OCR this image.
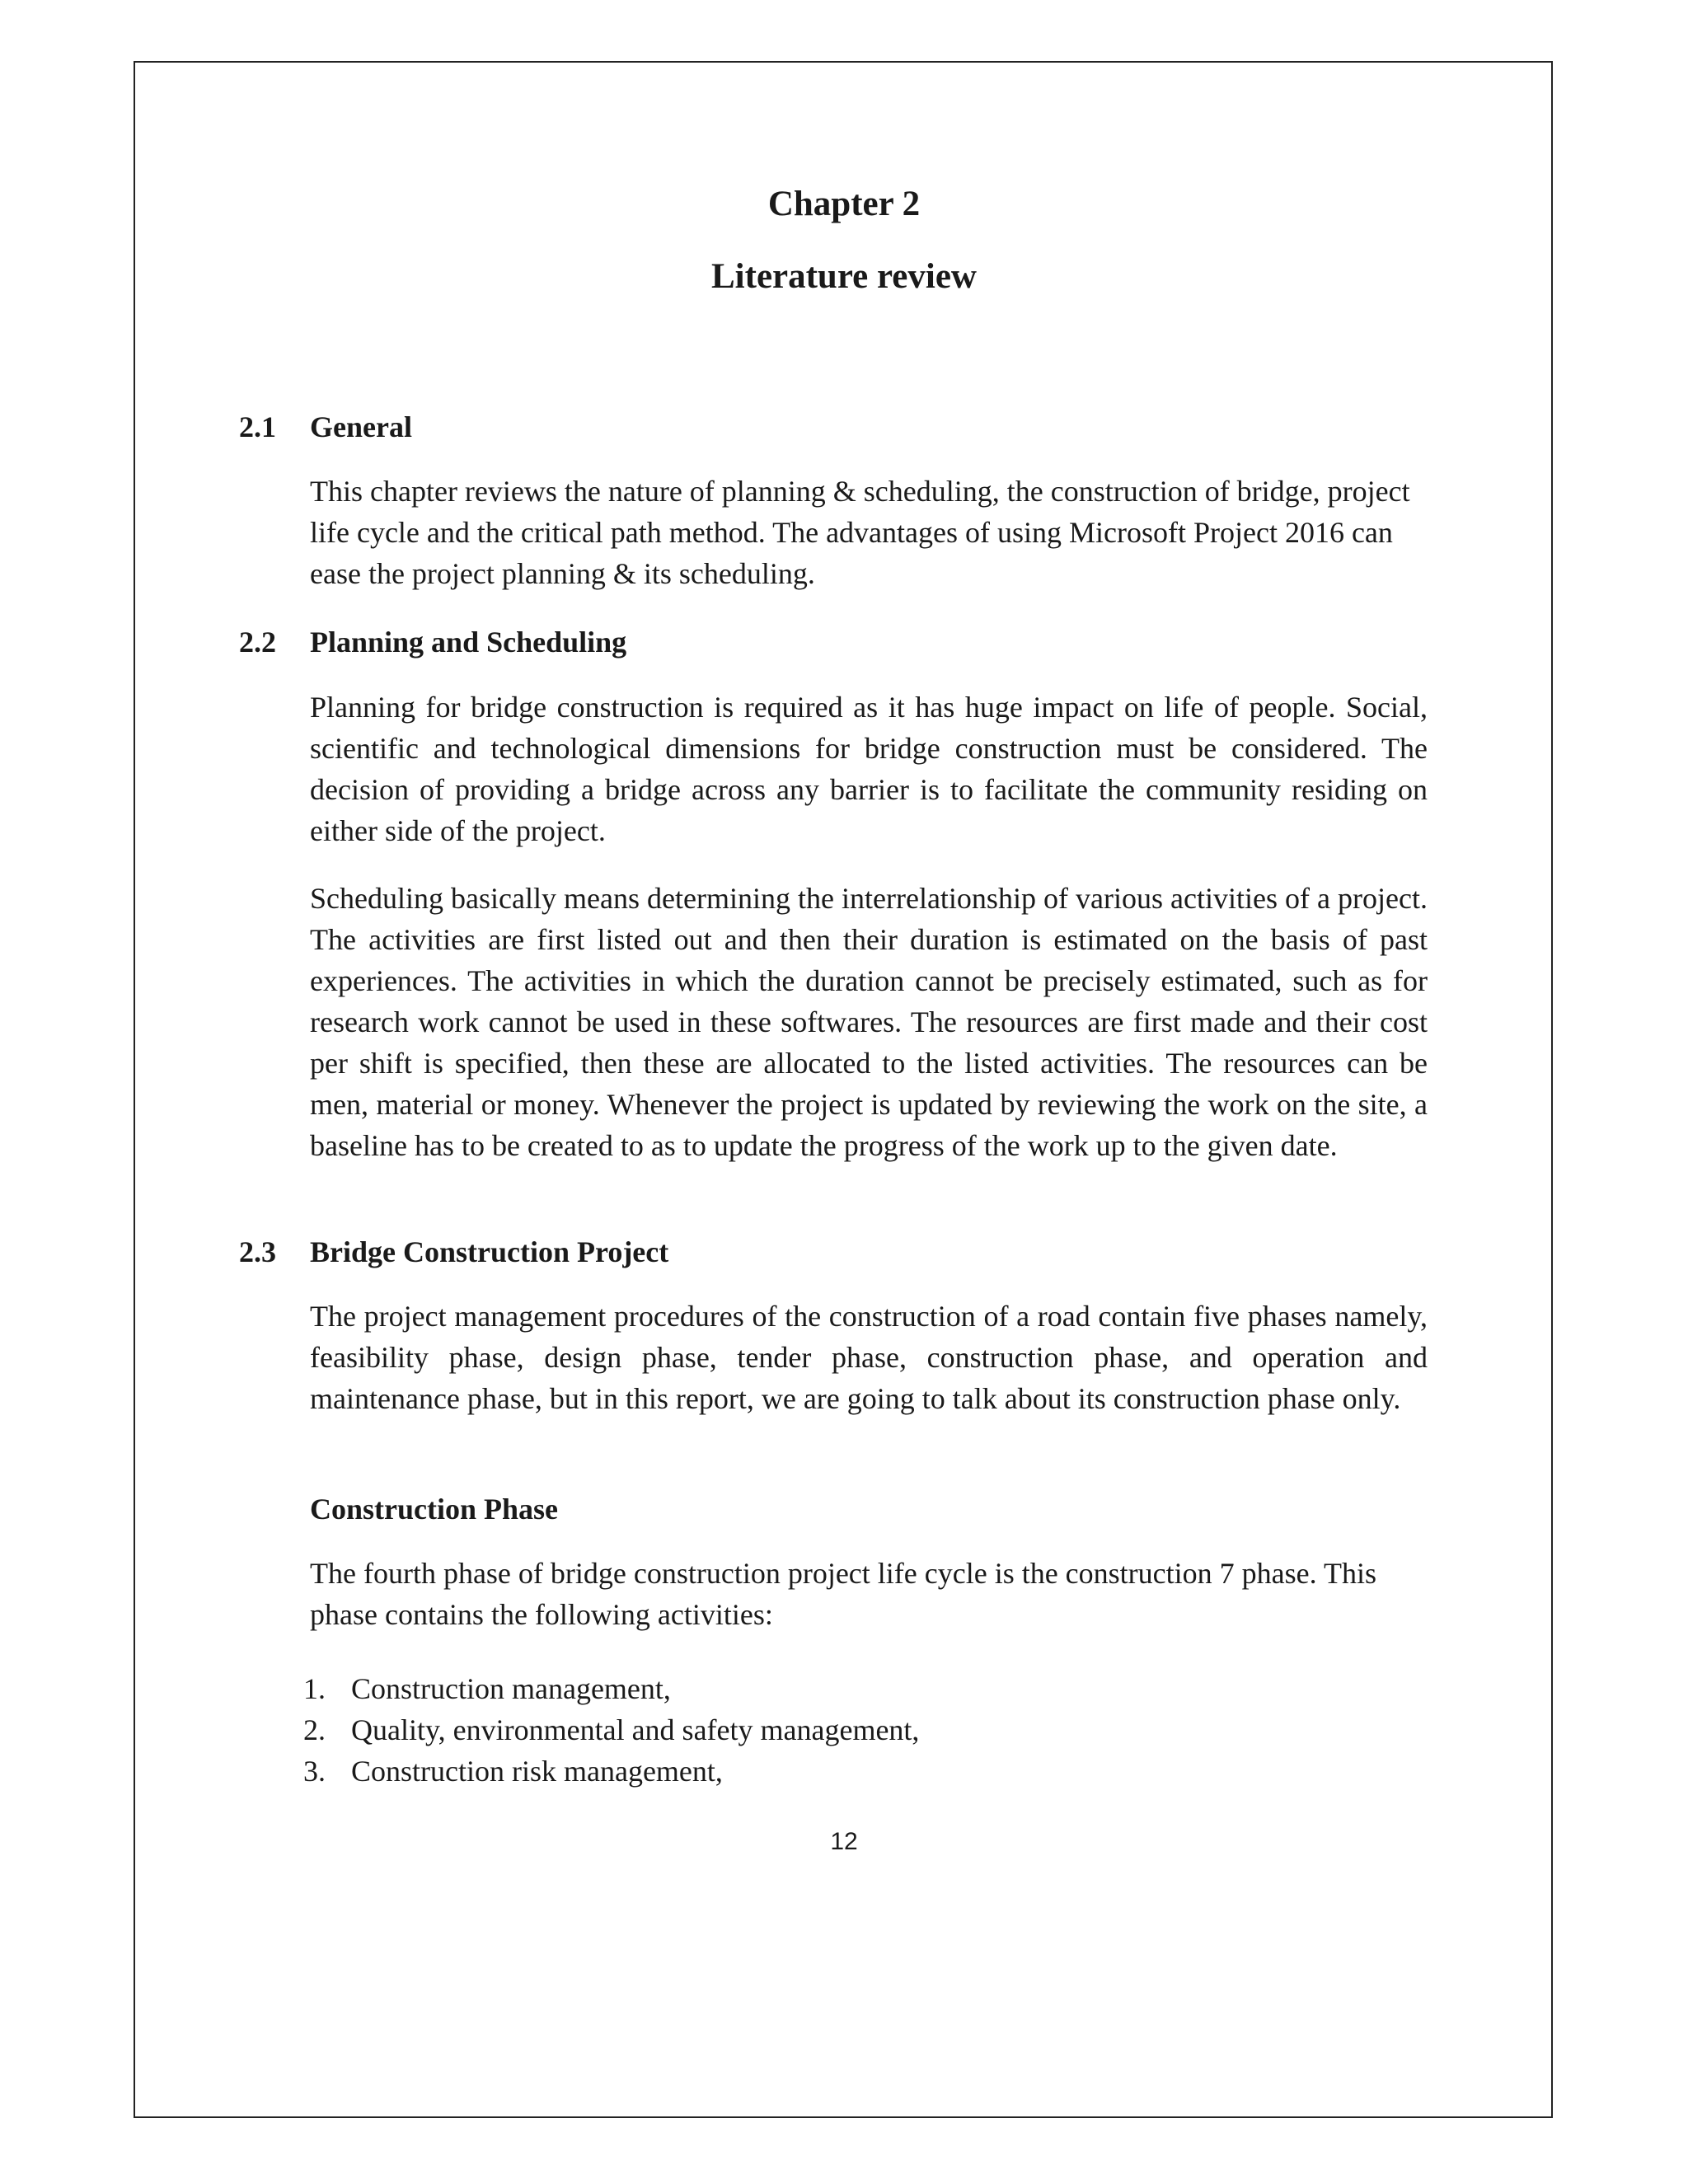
Chapter 2
Literature review
2.1 General

This chapter reviews the nature of planning & scheduling, the construction of bridge, project life cycle and the critical path method. The advantages of using Microsoft Project 2016 can ease the project planning & its scheduling.

2.2 Planning and Scheduling

Planning for bridge construction is required as it has huge impact on life of people. Social, scientific and technological dimensions for bridge construction must be considered. The decision of providing a bridge across any barrier is to facilitate the community residing on either side of the project.

Scheduling basically means determining the interrelationship of various activities of a project. The activities are first listed out and then their duration is estimated on the basis of past experiences. The activities in which the duration cannot be precisely estimated, such as for research work cannot be used in these softwares. The resources are first made and their cost per shift is specified, then these are allocated to the listed activities. The resources can be men, material or money. Whenever the project is updated by reviewing the work on the site, a baseline has to be created to as to update the progress of the work up to the given date.

2.3 Bridge Construction Project

The project management procedures of the construction of a road contain five phases namely, feasibility phase, design phase, tender phase, construction phase, and operation and maintenance phase, but in this report, we are going to talk about its construction phase only.

Construction Phase

The fourth phase of bridge construction project life cycle is the construction 7 phase. This phase contains the following activities:

1. Construction management,
2. Quality, environmental and safety management,
3. Construction risk management,
12
